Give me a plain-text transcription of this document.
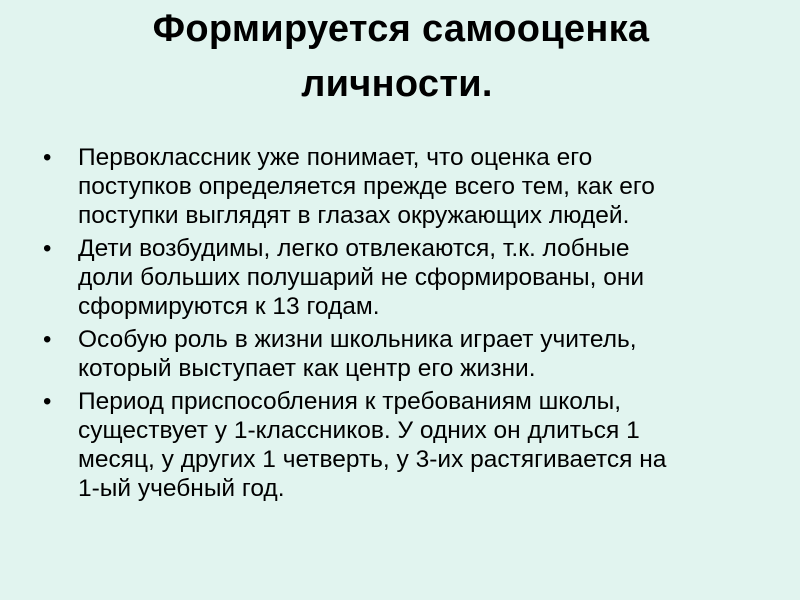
Формируется самооценка
личности.
• Первоклассник уже понимает, что оценка его
поступков определяется прежде всего тем, как его
поступки выглядят в глазах окружающих людей.
• Дети возбудимы, легко отвлекаются, т.к. лобные
доли больших полушарий не сформированы, они
сформируются к 13 годам.
• Особую роль в жизни школьника играет учитель,
который выступает как центр его жизни.
• Период приспособления к требованиям школы,
существует у 1-классников. У одних он длиться 1
месяц, у других 1 четверть, у 3-их растягивается на
1-ый учебный год.
